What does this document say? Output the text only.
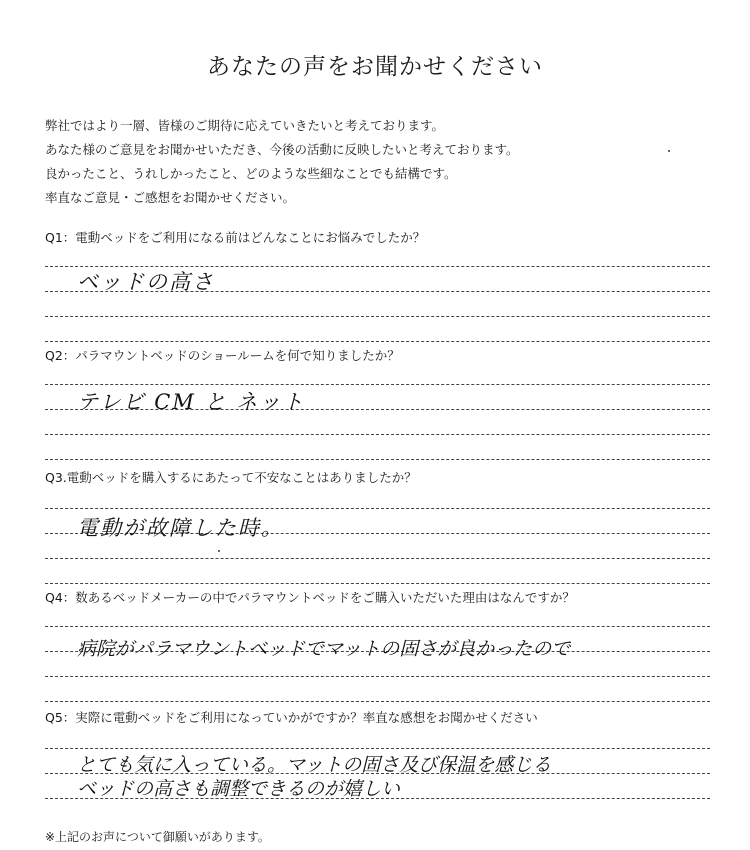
あなたの声をお聞かせください
弊社ではより一層、皆様のご期待に応えていきたいと考えております。
あなた様のご意見をお聞かせいただき、今後の活動に反映したいと考えております。
良かったこと、うれしかったこと、どのような些細なことでも結構です。
率直なご意見・ご感想をお聞かせください。
Q1：電動ベッドをご利用になる前はどんなことにお悩みでしたか？
ベッドの高さ
Q2：パラマウントベッドのショールームを何で知りましたか？
テレビ CM と ネット
Q3.電動ベッドを購入するにあたって不安なことはありましたか？
電動が故障した時。
Q4：数あるベッドメーカーの中でパラマウントベッドをご購入いただいた理由はなんですか？
病院がパラマウントベッドでマットの固さが良かったので
Q5：実際に電動ベッドをご利用になっていかがですか？率直な感想をお聞かせください
とても気に入っている。マットの固さ及び保温を感じる
ベッドの高さも調整できるのが嬉しい
※上記のお声について御願いがあります。
